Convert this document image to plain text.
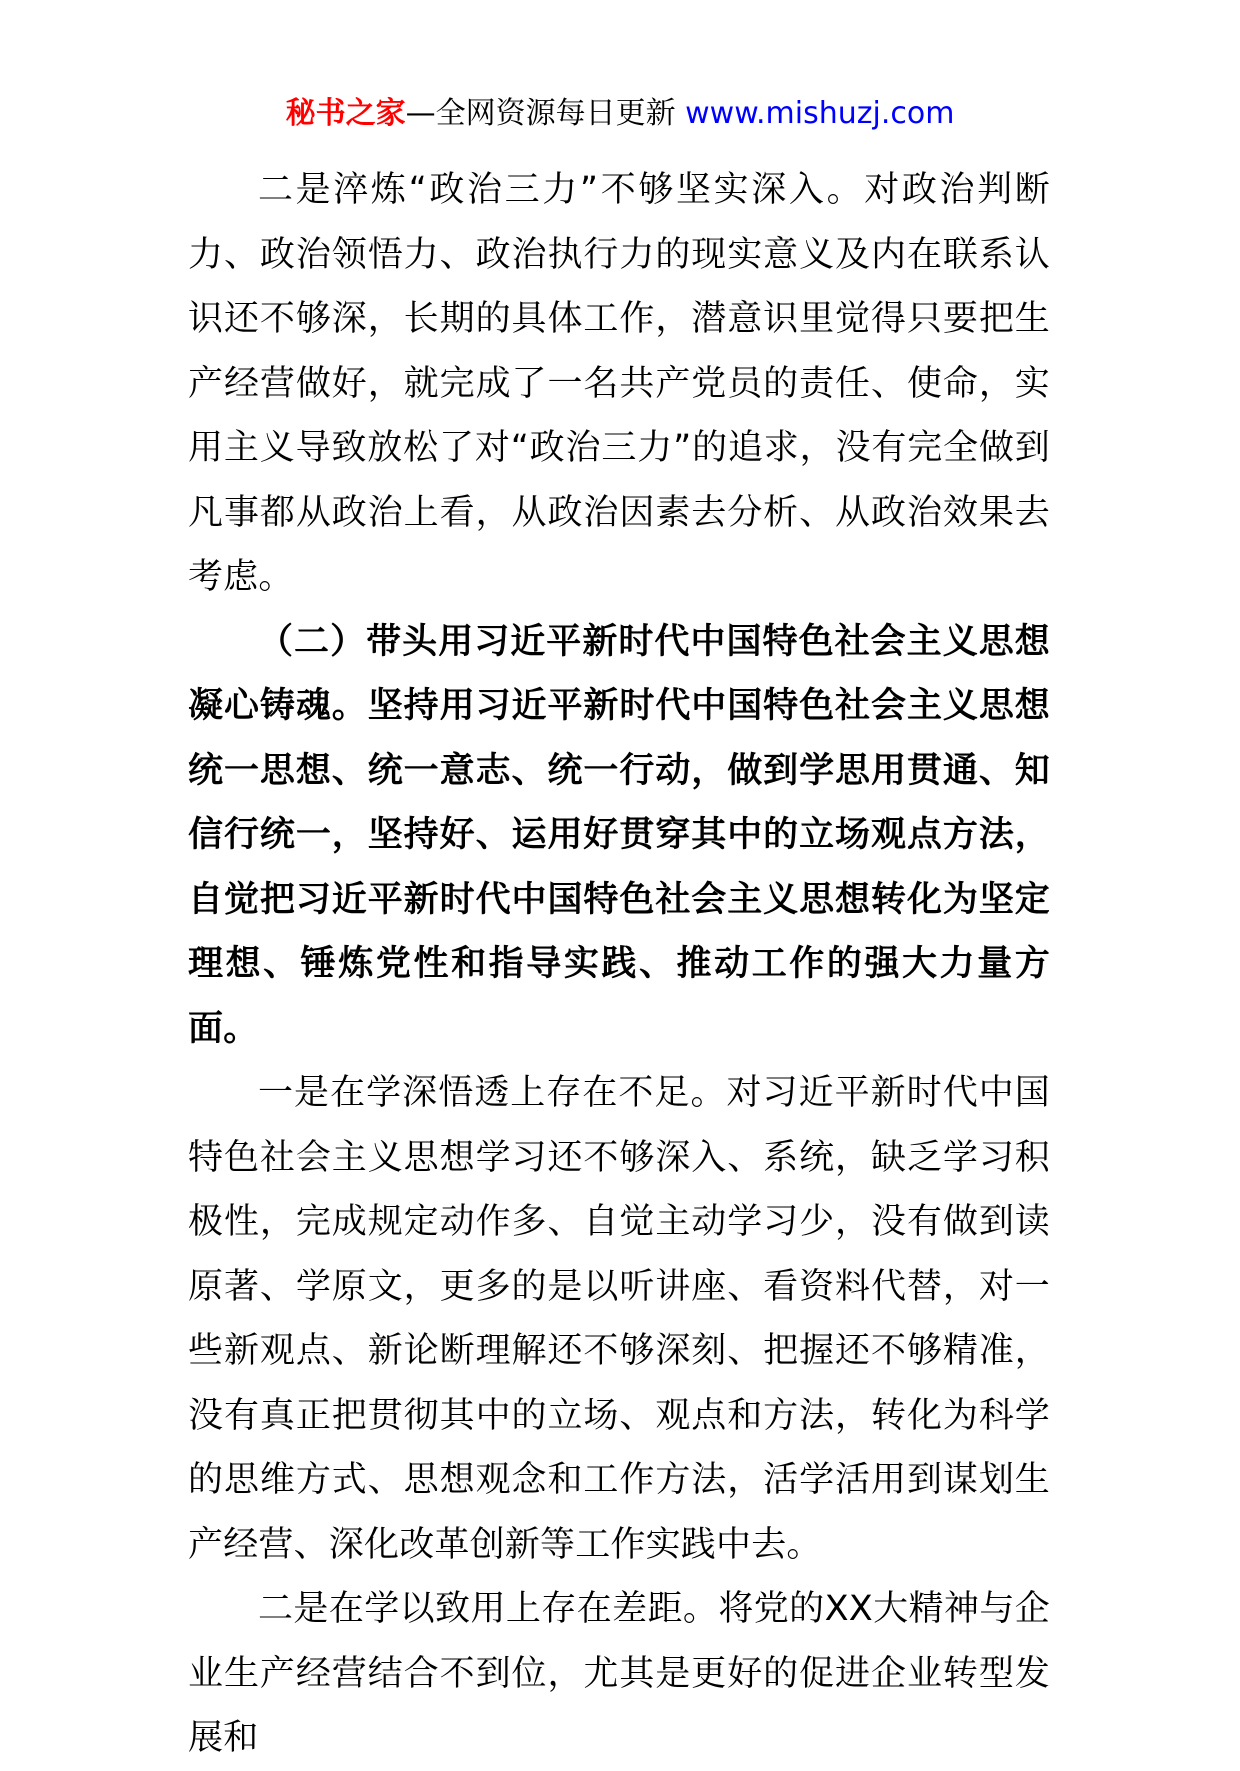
秘书之家—全网资源每日更新 www.mishuzj.com

二是淬炼“政治三力”不够坚实深入。对政治判断力、政治领悟力、政治执行力的现实意义及内在联系认识还不够深，长期的具体工作，潜意识里觉得只要把生产经营做好，就完成了一名共产党员的责任、使命，实用主义导致放松了对“政治三力”的追求，没有完全做到凡事都从政治上看，从政治因素去分析、从政治效果去考虑。

（二）带头用习近平新时代中国特色社会主义思想凝心铸魂。坚持用习近平新时代中国特色社会主义思想统一思想、统一意志、统一行动，做到学思用贯通、知信行统一，坚持好、运用好贯穿其中的立场观点方法，自觉把习近平新时代中国特色社会主义思想转化为坚定理想、锤炼党性和指导实践、推动工作的强大力量方面。

一是在学深悟透上存在不足。对习近平新时代中国特色社会主义思想学习还不够深入、系统，缺乏学习积极性，完成规定动作多、自觉主动学习少，没有做到读原著、学原文，更多的是以听讲座、看资料代替，对一些新观点、新论断理解还不够深刻、把握还不够精准，没有真正把贯彻其中的立场、观点和方法，转化为科学的思维方式、思想观念和工作方法，活学活用到谋划生产经营、深化改革创新等工作实践中去。

二是在学以致用上存在差距。将党的XX大精神与企业生产经营结合不到位，尤其是更好的促进企业转型发展和
